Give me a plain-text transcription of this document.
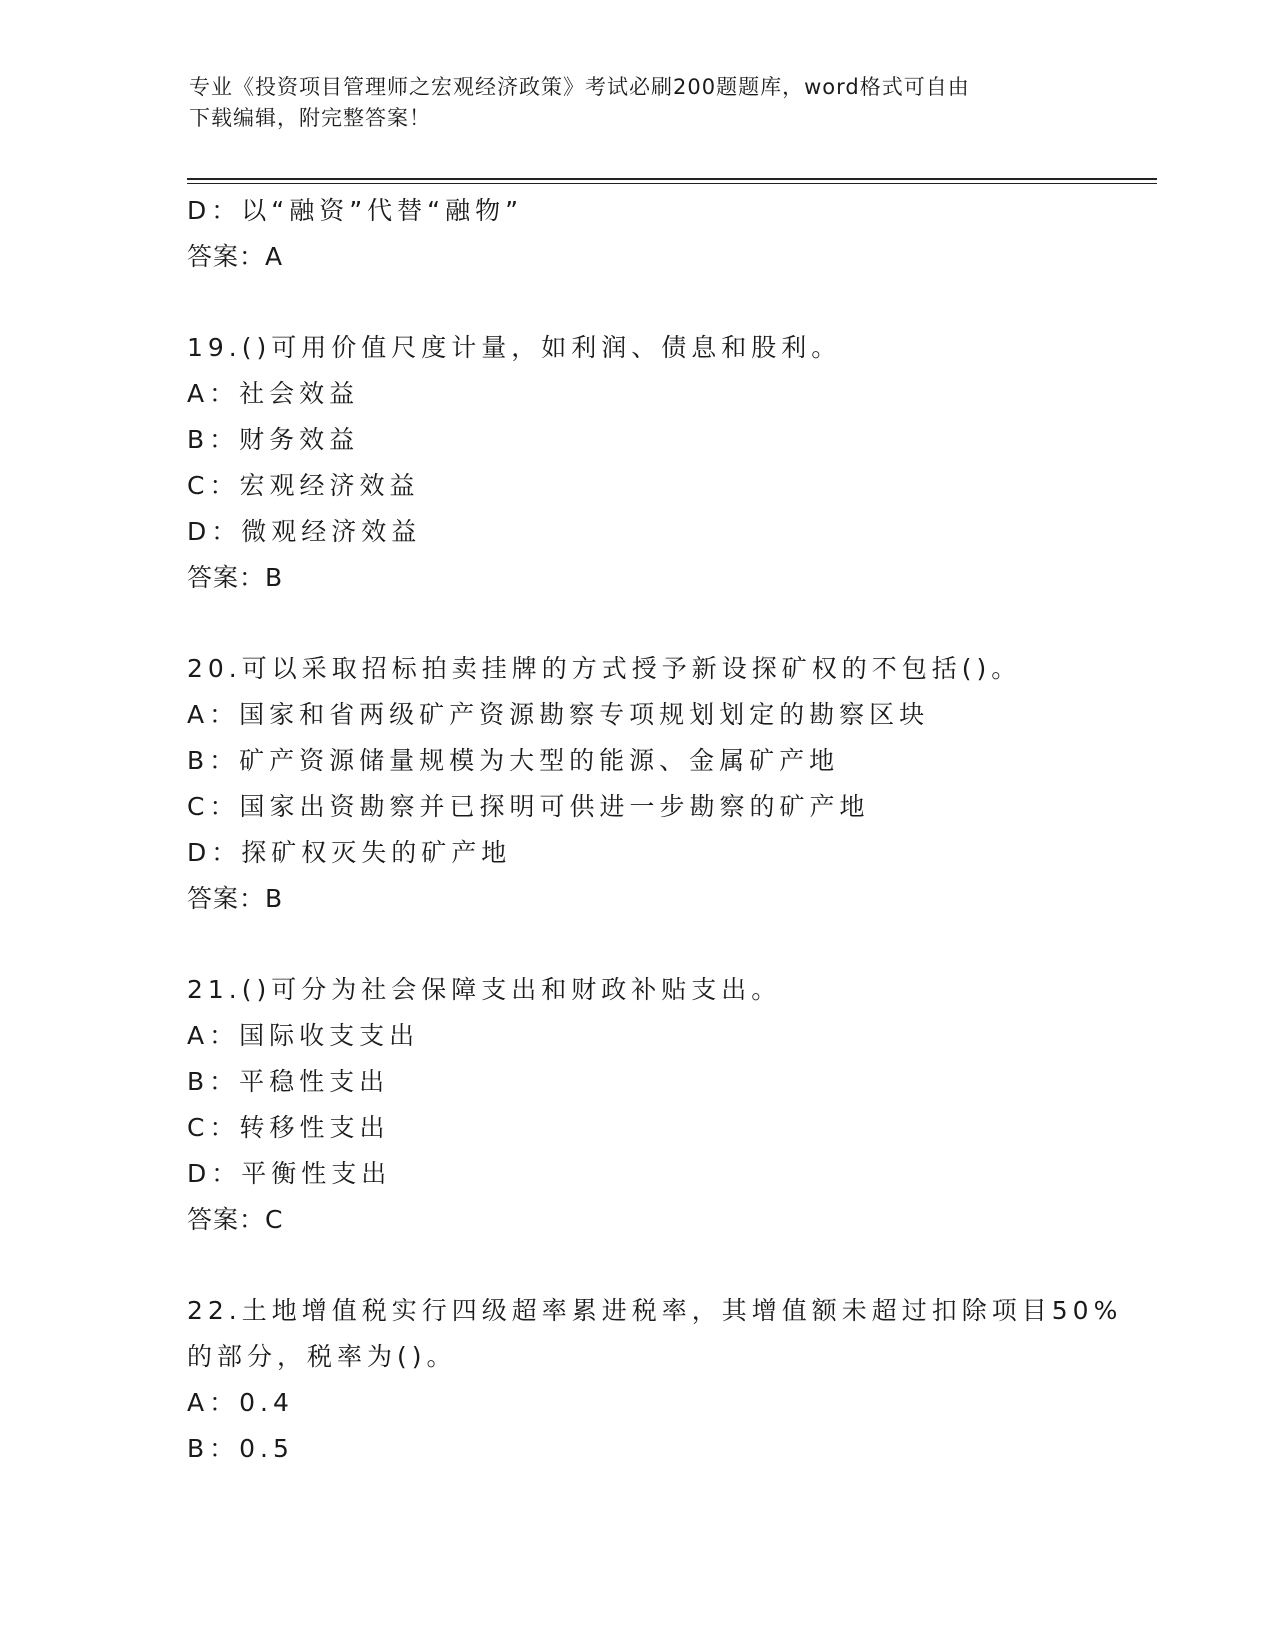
专业《投资项目管理师之宏观经济政策》考试必刷200题题库，word格式可自由
下载编辑，附完整答案！
D：以“融资”代替“融物”
答案：A
19.()可用价值尺度计量，如利润、债息和股利。
A：社会效益
B：财务效益
C：宏观经济效益
D：微观经济效益
答案：B
20.可以采取招标拍卖挂牌的方式授予新设探矿权的不包括()。
A：国家和省两级矿产资源勘察专项规划划定的勘察区块
B：矿产资源储量规模为大型的能源、金属矿产地
C：国家出资勘察并已探明可供进一步勘察的矿产地
D：探矿权灭失的矿产地
答案：B
21.()可分为社会保障支出和财政补贴支出。
A：国际收支支出
B：平稳性支出
C：转移性支出
D：平衡性支出
答案：C
22.土地增值税实行四级超率累进税率，其增值额未超过扣除项目50%
的部分，税率为()。
A：0.4
B：0.5
